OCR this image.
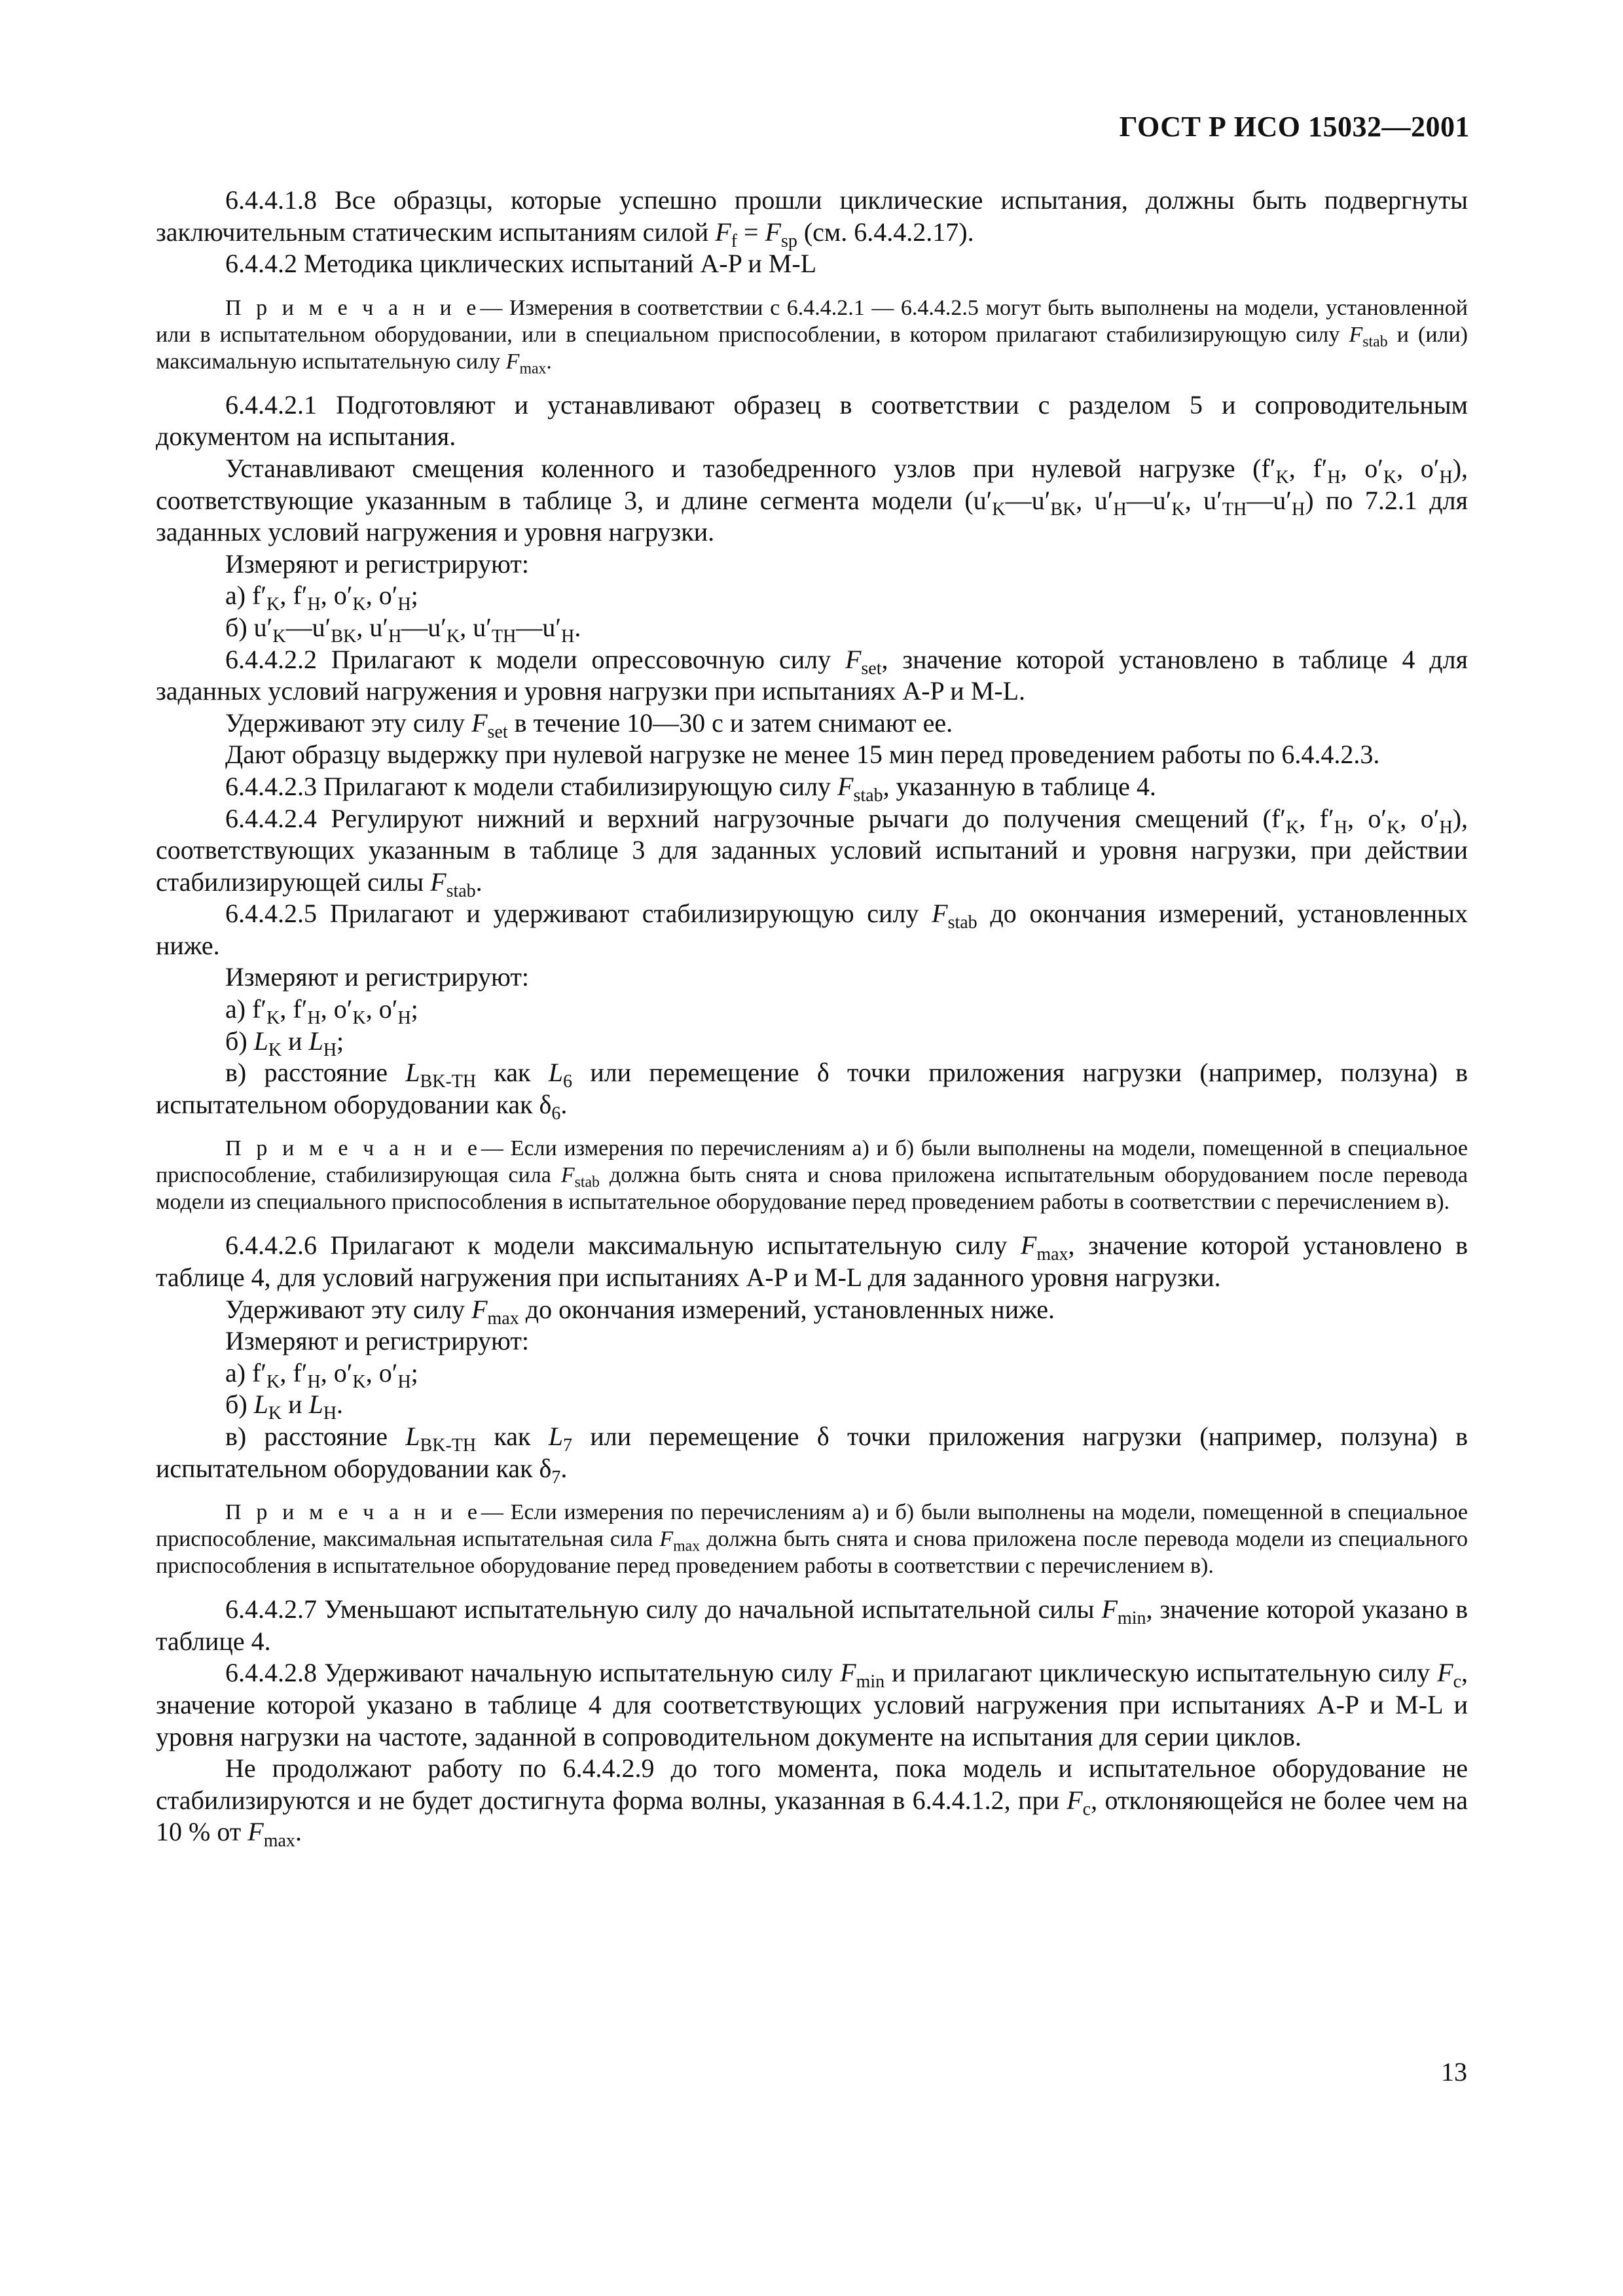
ГОСТ Р ИСО 15032—2001

6.4.4.1.8 Все образцы, которые успешно прошли циклические испытания, должны быть подвергнуты заключительным статическим испытаниям силой $F_f = F_{sp}$ (см. 6.4.4.2.17).

6.4.4.2 Методика циклических испытаний A-P и M-L

П р и м е ч а н и е— Измерения в соответствии с 6.4.4.2.1 — 6.4.4.2.5 могут быть выполнены на модели, установленной или в испытательном оборудовании, или в специальном приспособлении, в котором прилагают стабилизирующую силу $F_{stab}$ и (или) максимальную испытательную силу $F_{max}$.

6.4.4.2.1 Подготовляют и устанавливают образец в соответствии с разделом 5 и сопроводительным документом на испытания.

Устанавливают смещения коленного и тазобедренного узлов при нулевой нагрузке ($f'_K$, $f'_H$, $o'_K$, $o'_H$), соответствующие указанным в таблице 3, и длине сегмента модели ($u'_K—u'_{BK}$, $u'_H—u'_K$, $u'_{TH}—u'_H$) по 7.2.1 для заданных условий нагружения и уровня нагрузки.

Измеряют и регистрируют:

а) $f'_K$, $f'_H$, $o'_K$, $o'_H$;

б) $u'_K—u'_{BK}$, $u'_H—u'_K$, $u'_{TH}—u'_H$.

6.4.4.2.2 Прилагают к модели опрессовочную силу $F_{set}$, значение которой установлено в таблице 4 для заданных условий нагружения и уровня нагрузки при испытаниях A-P и M-L.

Удерживают эту силу $F_{set}$ в течение 10—30 с и затем снимают ее.

Дают образцу выдержку при нулевой нагрузке не менее 15 мин перед проведением работы по 6.4.4.2.3.

6.4.4.2.3 Прилагают к модели стабилизирующую силу $F_{stab}$, указанную в таблице 4.

6.4.4.2.4 Регулируют нижний и верхний нагрузочные рычаги до получения смещений ($f'_K$, $f'_H$, $o'_K$, $o'_H$), соответствующих указанным в таблице 3 для заданных условий испытаний и уровня нагрузки, при действии стабилизирующей силы $F_{stab}$.

6.4.4.2.5 Прилагают и удерживают стабилизирующую силу $F_{stab}$ до окончания измерений, установленных ниже.

Измеряют и регистрируют:

а) $f'_K$, $f'_H$, $o'_K$, $o'_H$;

б) $L_K$ и $L_H$;

в) расстояние $L_{BK-TH}$ как $L_6$ или перемещение δ точки приложения нагрузки (например, ползуна) в испытательном оборудовании как $\delta_6$.

П р и м е ч а н и е— Если измерения по перечислениям а) и б) были выполнены на модели, помещенной в специальное приспособление, стабилизирующая сила $F_{stab}$ должна быть снята и снова приложена испытательным оборудованием после перевода модели из специального приспособления в испытательное оборудование перед проведением работы в соответствии с перечислением в).

6.4.4.2.6 Прилагают к модели максимальную испытательную силу $F_{max}$, значение которой установлено в таблице 4, для условий нагружения при испытаниях A-P и M-L для заданного уровня нагрузки.

Удерживают эту силу $F_{max}$ до окончания измерений, установленных ниже.

Измеряют и регистрируют:

а) $f'_K$, $f'_H$, $o'_K$, $o'_H$;

б) $L_K$ и $L_H$.

в) расстояние $L_{BK-TH}$ как $L_7$ или перемещение δ точки приложения нагрузки (например, ползуна) в испытательном оборудовании как $\delta_7$.

П р и м е ч а н и е— Если измерения по перечислениям а) и б) были выполнены на модели, помещенной в специальное приспособление, максимальная испытательная сила $F_{max}$ должна быть снята и снова приложена после перевода модели из специального приспособления в испытательное оборудование перед проведением работы в соответствии с перечислением в).

6.4.4.2.7 Уменьшают испытательную силу до начальной испытательной силы $F_{min}$, значение которой указано в таблице 4.

6.4.4.2.8 Удерживают начальную испытательную силу $F_{min}$ и прилагают циклическую испытательную силу $F_c$, значение которой указано в таблице 4 для соответствующих условий нагружения при испытаниях A-P и M-L и уровня нагрузки на частоте, заданной в сопроводительном документе на испытания для серии циклов.

Не продолжают работу по 6.4.4.2.9 до того момента, пока модель и испытательное оборудование не стабилизируются и не будет достигнута форма волны, указанная в 6.4.4.1.2, при $F_c$, отклоняющейся не более чем на 10 % от $F_{max}$.

13
